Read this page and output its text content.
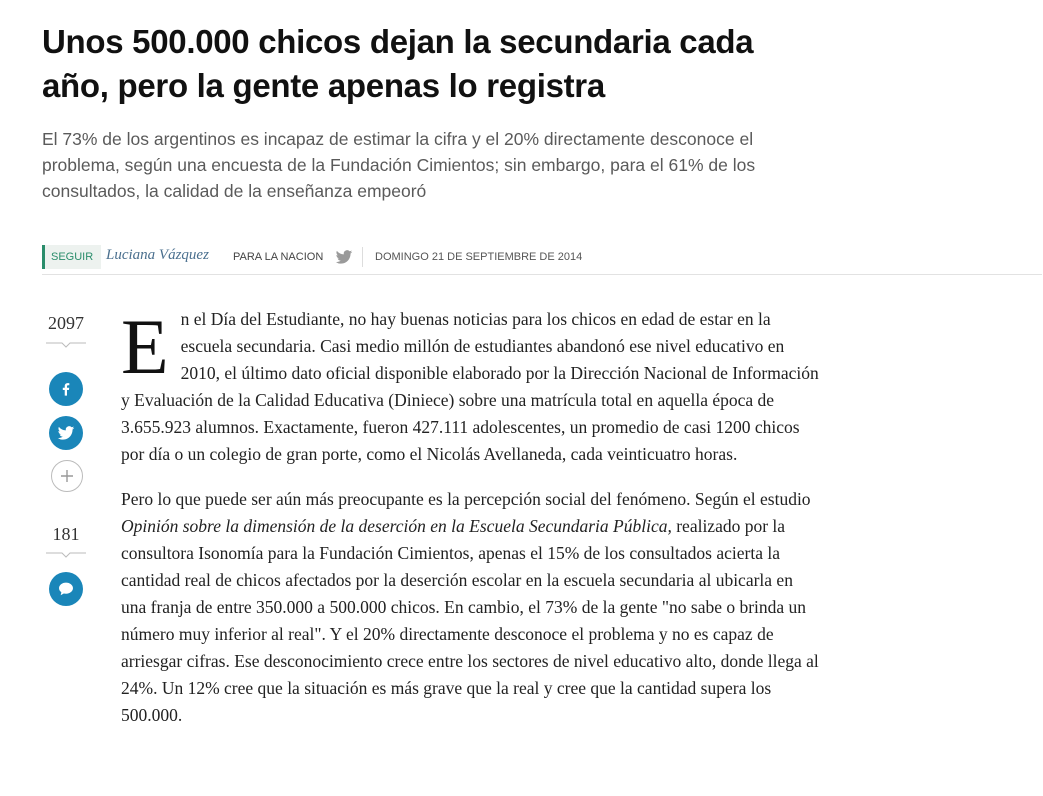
Unos 500.000 chicos dejan la secundaria cada año, pero la gente apenas lo registra

El 73% de los argentinos es incapaz de estimar la cifra y el 20% directamente desconoce el problema, según una encuesta de la Fundación Cimientos; sin embargo, para el 61% de los consultados, la calidad de la enseñanza empeoró

SEGUIR Luciana Vázquez PARA LA NACION	DOMINGO 21 DE SEPTIEMBRE DE 2014
2097
181

En el Día del Estudiante, no hay buenas noticias para los chicos en edad de estar en la escuela secundaria. Casi medio millón de estudiantes abandonó ese nivel educativo en 2010, el último dato oficial disponible elaborado por la Dirección Nacional de Información y Evaluación de la Calidad Educativa (Diniece) sobre una matrícula total en aquella época de 3.655.923 alumnos. Exactamente, fueron 427.111 adolescentes, un promedio de casi 1200 chicos por día o un colegio de gran porte, como el Nicolás Avellaneda, cada veinticuatro horas.

Pero lo que puede ser aún más preocupante es la percepción social del fenómeno. Según el estudio Opinión sobre la dimensión de la deserción en la Escuela Secundaria Pública, realizado por la consultora Isonomía para la Fundación Cimientos, apenas el 15% de los consultados acierta la cantidad real de chicos afectados por la deserción escolar en la escuela secundaria al ubicarla en una franja de entre 350.000 a 500.000 chicos. En cambio, el 73% de la gente "no sabe o brinda un número muy inferior al real". Y el 20% directamente desconoce el problema y no es capaz de arriesgar cifras. Ese desconocimiento crece entre los sectores de nivel educativo alto, donde llega al 24%. Un 12% cree que la situación es más grave que la real y cree que la cantidad supera los 500.000.
